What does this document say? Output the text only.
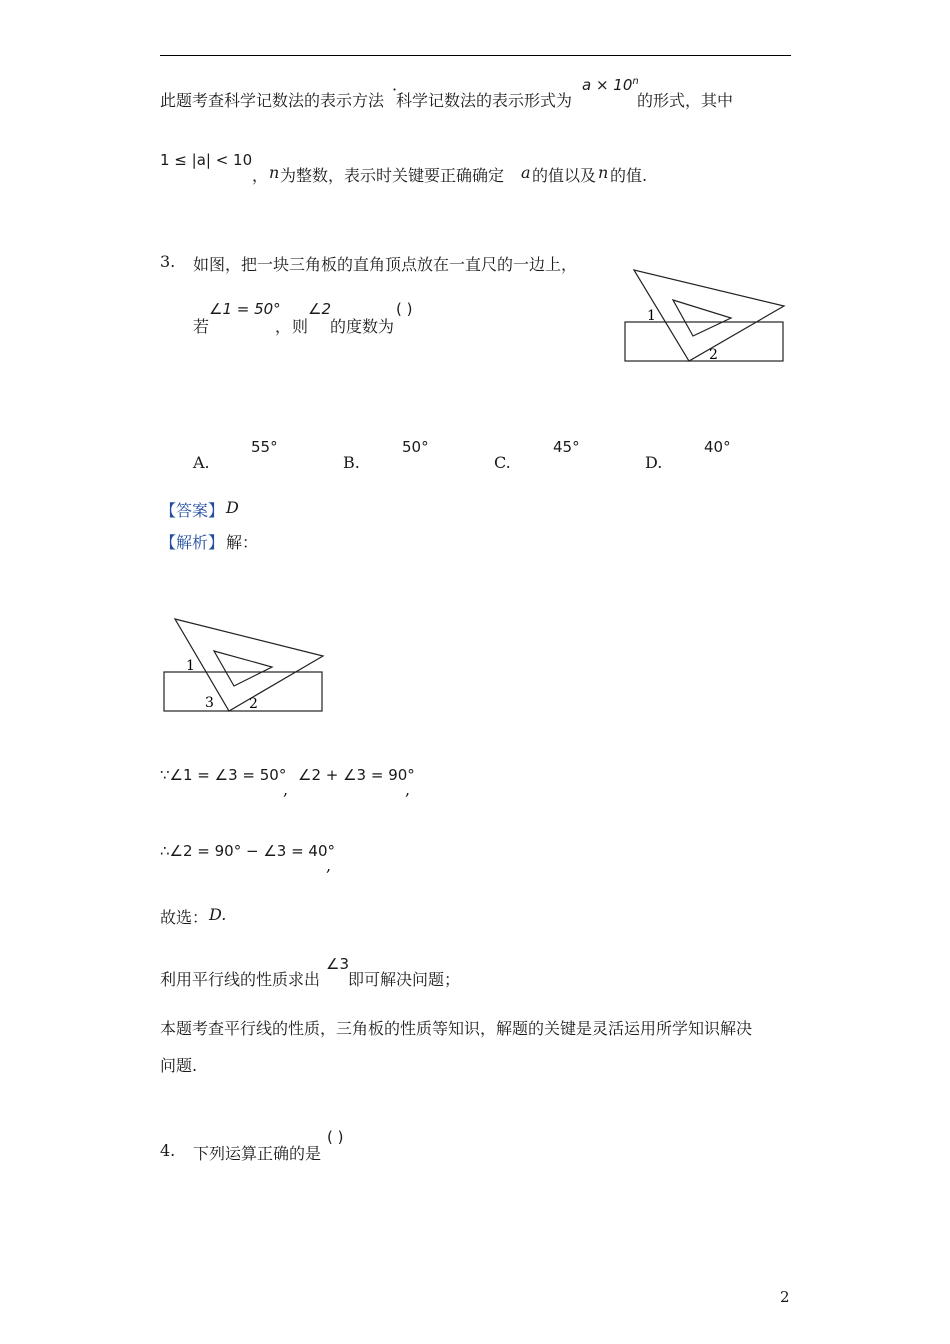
此题考查科学记数法的表示方法
·
科学记数法的表示形式为
$a \times 10^n$
的形式，其中
1 ≤ |a| < 10
， n 为整数，表示时关键要正确确定 a 的值以及 n 的值.
3. 如图，把一块三角板的直角顶点放在一直尺的一边上，
若
∠1 = 50°
， 则
∠2
的度数为
( )	1
2
A.
55°
B.
50°
C.
45°
D.
40°
【答案】 D
【解析】 解：
1
3	2
∵∠1 = ∠3 = 50°
,
∠2 + ∠3 = 90°
,
∴∠2 = 90° − ∠3 = 40°
,
故选： D.
利用平行线的性质求出
∠3
即可解决问题；
本题考查平行线的性质，三角板的性质等知识，解题的关键是灵活运用所学知识解决
问题.
4. 下列运算正确的是
( )
2
